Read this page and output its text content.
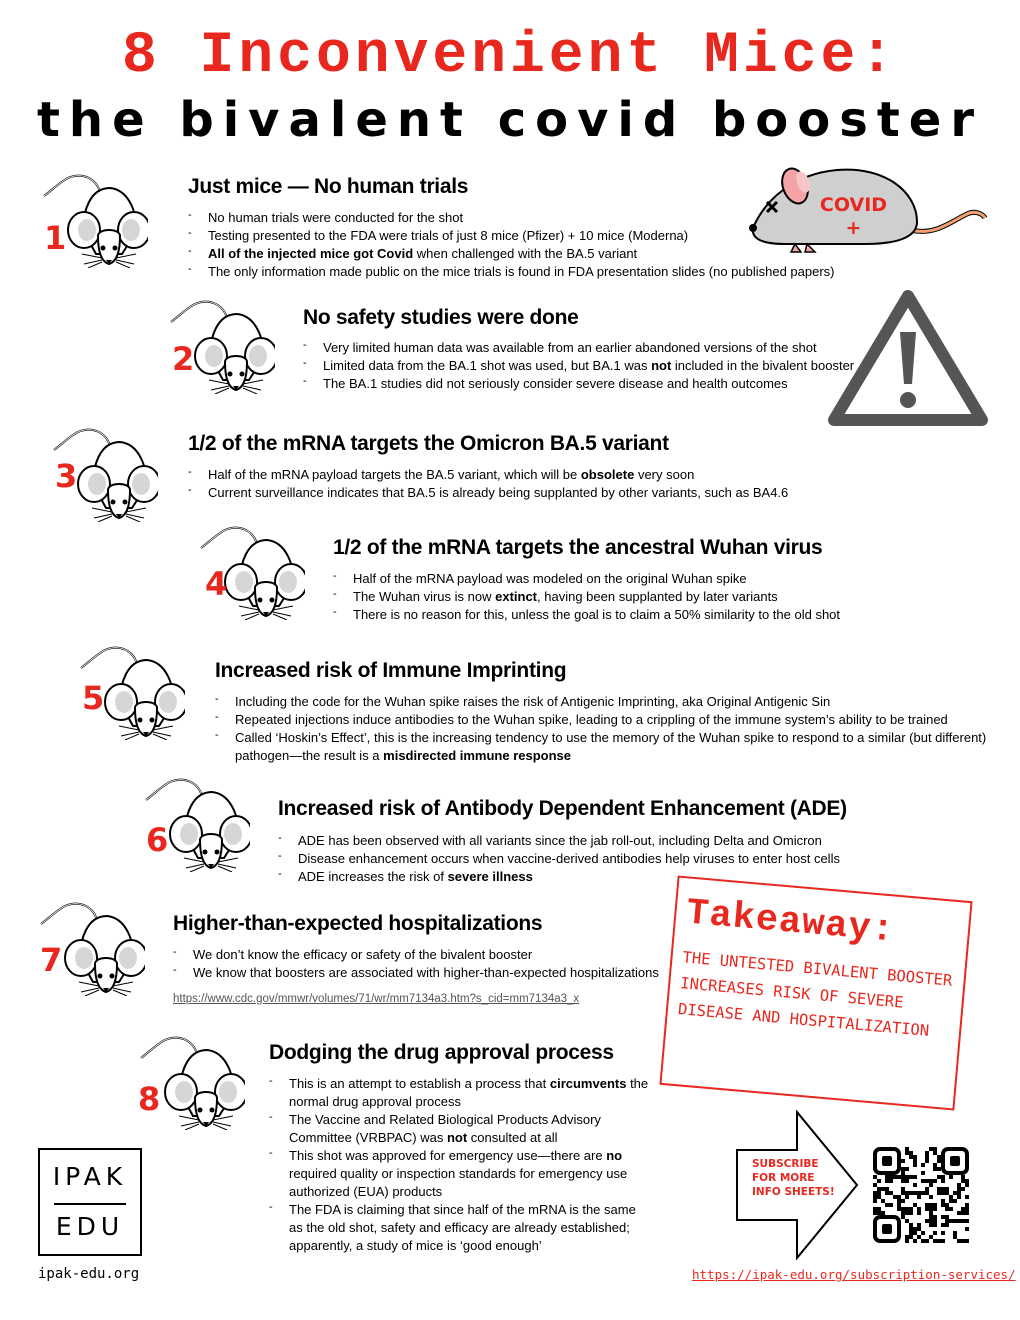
8 Inconvenient Mice:
the bivalent covid booster
COVID
+
1
Just mice — No human trials
- No human trials were conducted for the shot
- Testing presented to the FDA were trials of just 8 mice (Pfizer) + 10 mice (Moderna)
- All of the injected mice got Covid when challenged with the BA.5 variant
- The only information made public on the mice trials is found in FDA presentation slides (no published papers)
2
No safety studies were done
- Very limited human data was available from an earlier abandoned versions of the shot
- Limited data from the BA.1 shot was used, but BA.1 was not included in the bivalent booster
- The BA.1 studies did not seriously consider severe disease and health outcomes
3
1/2 of the mRNA targets the Omicron BA.5 variant
- Half of the mRNA payload targets the BA.5 variant, which will be obsolete very soon
- Current surveillance indicates that BA.5 is already being supplanted by other variants, such as BA4.6
4
1/2 of the mRNA targets the ancestral Wuhan virus
- Half of the mRNA payload was modeled on the original Wuhan spike
- The Wuhan virus is now extinct, having been supplanted by later variants
- There is no reason for this, unless the goal is to claim a 50% similarity to the old shot
5
Increased risk of Immune Imprinting
- Including the code for the Wuhan spike raises the risk of Antigenic Imprinting, aka Original Antigenic Sin
- Repeated injections induce antibodies to the Wuhan spike, leading to a crippling of the immune system’s ability to be trained
- Called ‘Hoskin’s Effect’, this is the increasing tendency to use the memory of the Wuhan spike to respond to a similar (but different) pathogen—the result is a misdirected immune response
6
Increased risk of Antibody Dependent Enhancement (ADE)
- ADE has been observed with all variants since the jab roll-out, including Delta and Omicron
- Disease enhancement occurs when vaccine-derived antibodies help viruses to enter host cells
- ADE increases the risk of severe illness
7
Higher-than-expected hospitalizations
- We don’t know the efficacy or safety of the bivalent booster
- We know that boosters are associated with higher-than-expected hospitalizations
https://www.cdc.gov/mmwr/volumes/71/wr/mm7134a3.htm?s_cid=mm7134a3_x
8
Dodging the drug approval process
- This is an attempt to establish a process that circumvents the normal drug approval process
- The Vaccine and Related Biological Products Advisory Committee (VRBPAC) was not consulted at all
- This shot was approved for emergency use—there are no required quality or inspection standards for emergency use authorized (EUA) products
- The FDA is claiming that since half of the mRNA is the same as the old shot, safety and efficacy are already established; apparently, a study of mice is ‘good enough’
Takeaway:
THE UNTESTED BIVALENT BOOSTER INCREASES RISK OF SEVERE DISEASE AND HOSPITALIZATION
IPAK
EDU
ipak-edu.org
SUBSCRIBE FOR MORE INFO SHEETS!
https://ipak-edu.org/subscription-services/
